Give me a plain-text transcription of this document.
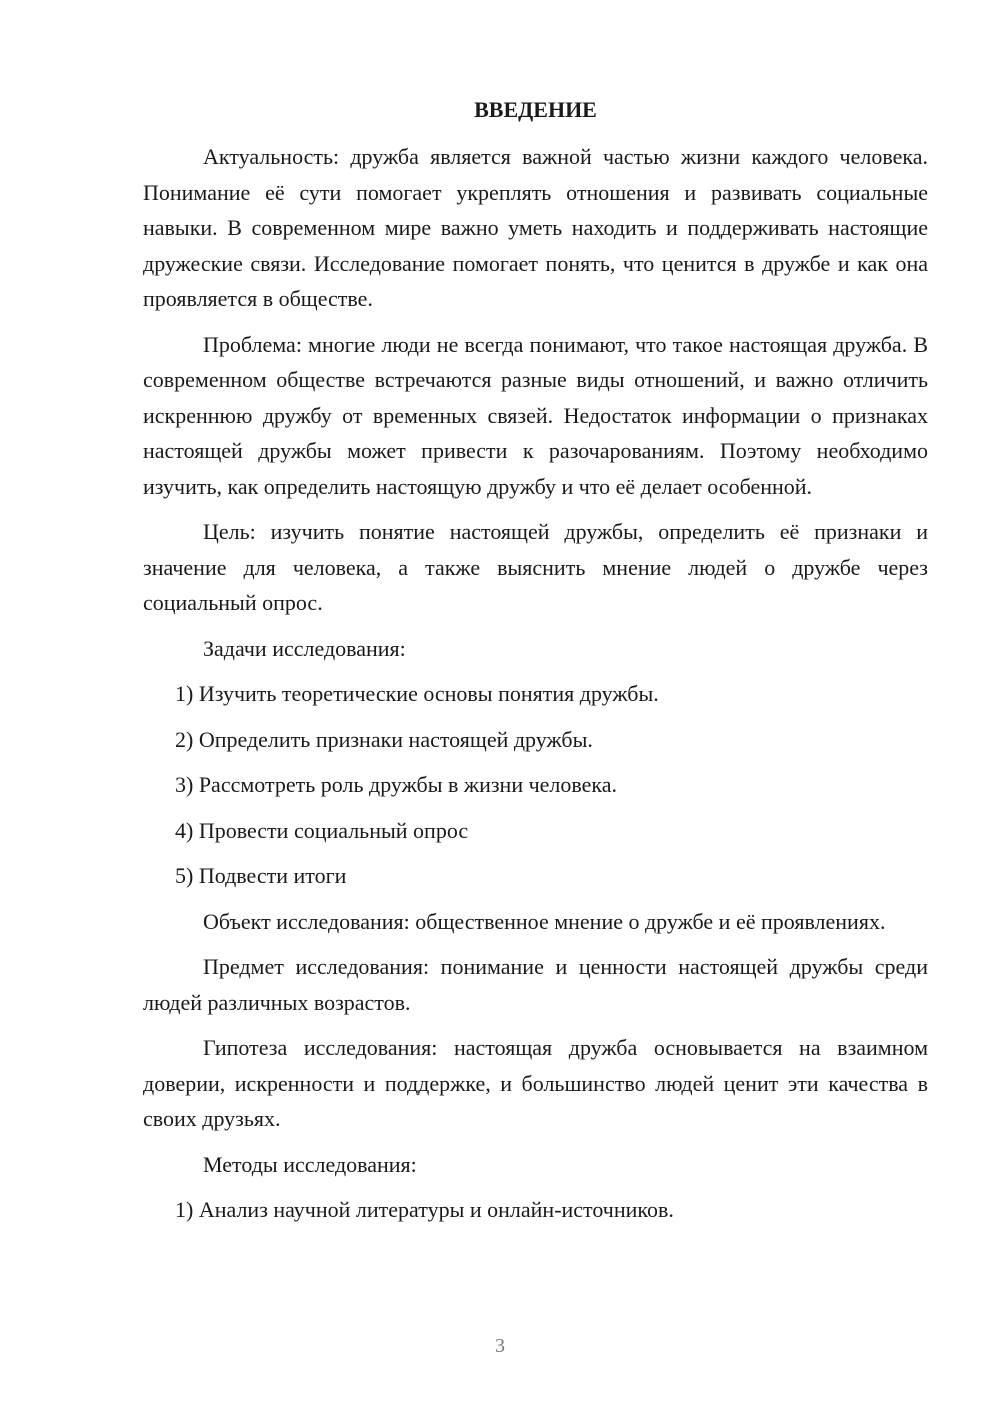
ВВЕДЕНИЕ

Актуальность: дружба является важной частью жизни каждого человека. Понимание её сути помогает укреплять отношения и развивать социальные навыки. В современном мире важно уметь находить и поддерживать настоящие дружеские связи. Исследование помогает понять, что ценится в дружбе и как она проявляется в обществе.

Проблема: многие люди не всегда понимают, что такое настоящая дружба. В современном обществе встречаются разные виды отношений, и важно отличить искреннюю дружбу от временных связей. Недостаток информации о признаках настоящей дружбы может привести к разочарованиям. Поэтому необходимо изучить, как определить настоящую дружбу и что её делает особенной.

Цель: изучить понятие настоящей дружбы, определить её признаки и значение для человека, а также выяснить мнение людей о дружбе через социальный опрос.

Задачи исследования:

1) Изучить теоретические основы понятия дружбы.
2) Определить признаки настоящей дружбы.
3) Рассмотреть роль дружбы в жизни человека.
4) Провести социальный опрос
5) Подвести итоги

Объект исследования: общественное мнение о дружбе и её проявлениях.

Предмет исследования: понимание и ценности настоящей дружбы среди людей различных возрастов.

Гипотеза исследования: настоящая дружба основывается на взаимном доверии, искренности и поддержке, и большинство людей ценит эти качества в своих друзьях.

Методы исследования:

1) Анализ научной литературы и онлайн-источников.
3
